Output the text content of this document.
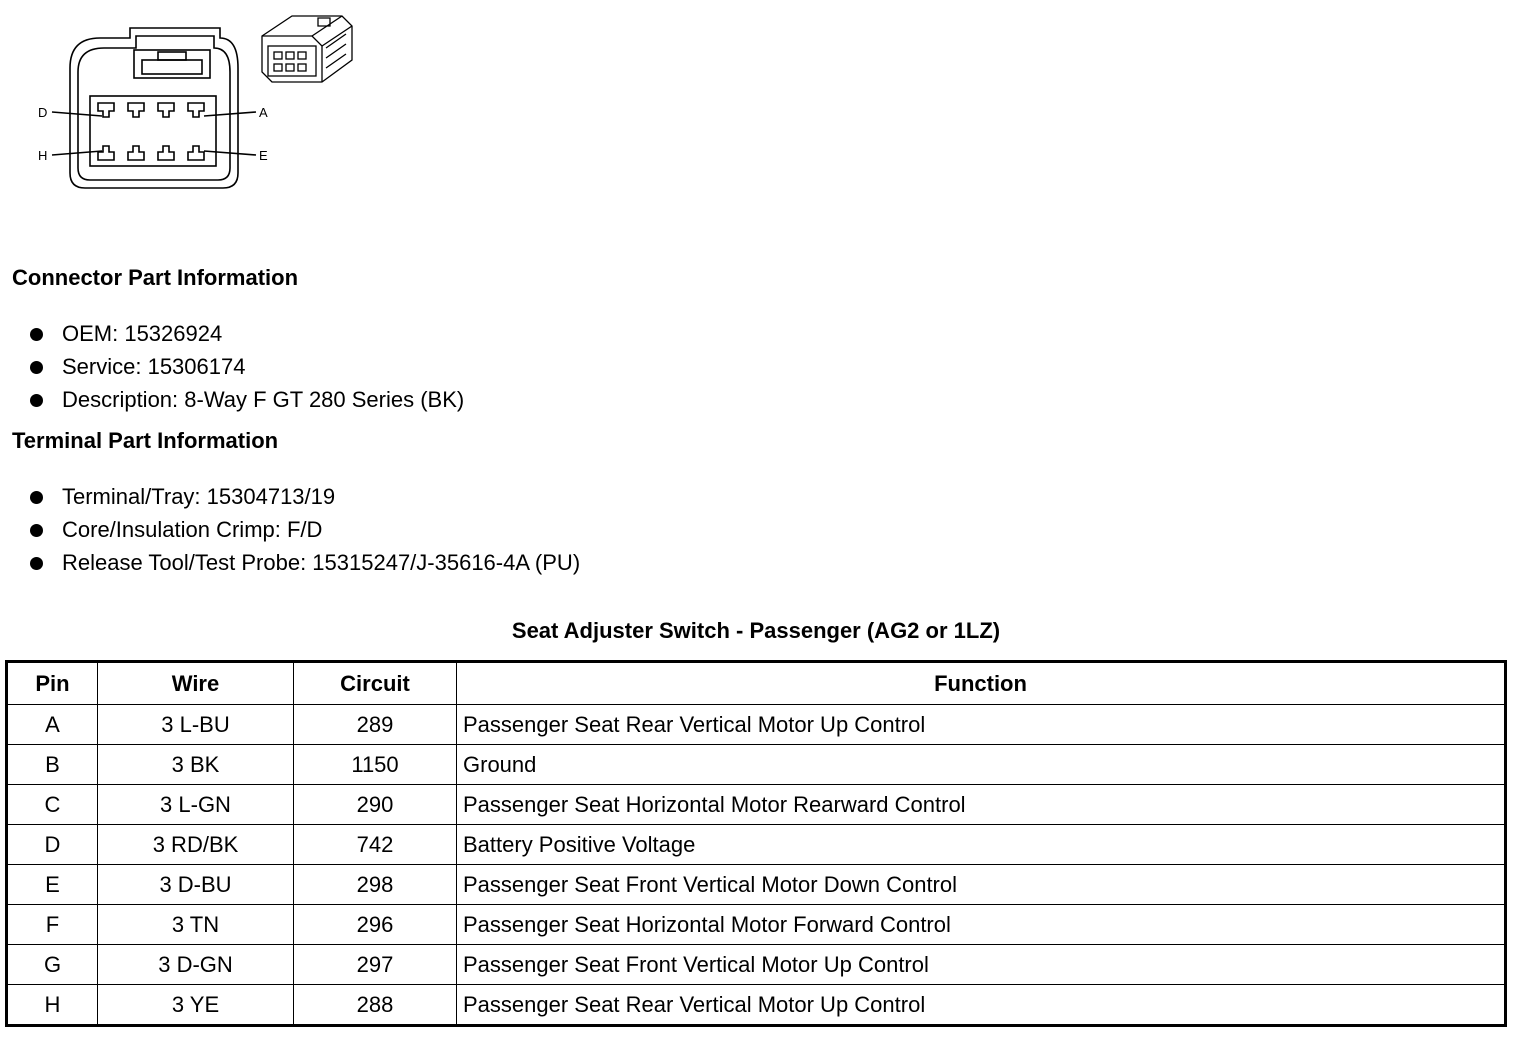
D	A
H	E
Connector Part Information
OEM: 15326924
Service: 15306174
Description: 8-Way F GT 280 Series (BK)
Terminal Part Information
Terminal/Tray: 15304713/19
Core/Insulation Crimp: F/D
Release Tool/Test Probe: 15315247/J-35616-4A (PU)
Seat Adjuster Switch - Passenger (AG2 or 1LZ)
Pin	Wire	Circuit	Function
A	3 L-BU	289	Passenger Seat Rear Vertical Motor Up Control
B	3 BK	1150	Ground
C	3 L-GN	290	Passenger Seat Horizontal Motor Rearward Control
D	3 RD/BK	742	Battery Positive Voltage
E	3 D-BU	298	Passenger Seat Front Vertical Motor Down Control
F	3 TN	296	Passenger Seat Horizontal Motor Forward Control
G	3 D-GN	297	Passenger Seat Front Vertical Motor Up Control
H	3 YE	288	Passenger Seat Rear Vertical Motor Up Control
